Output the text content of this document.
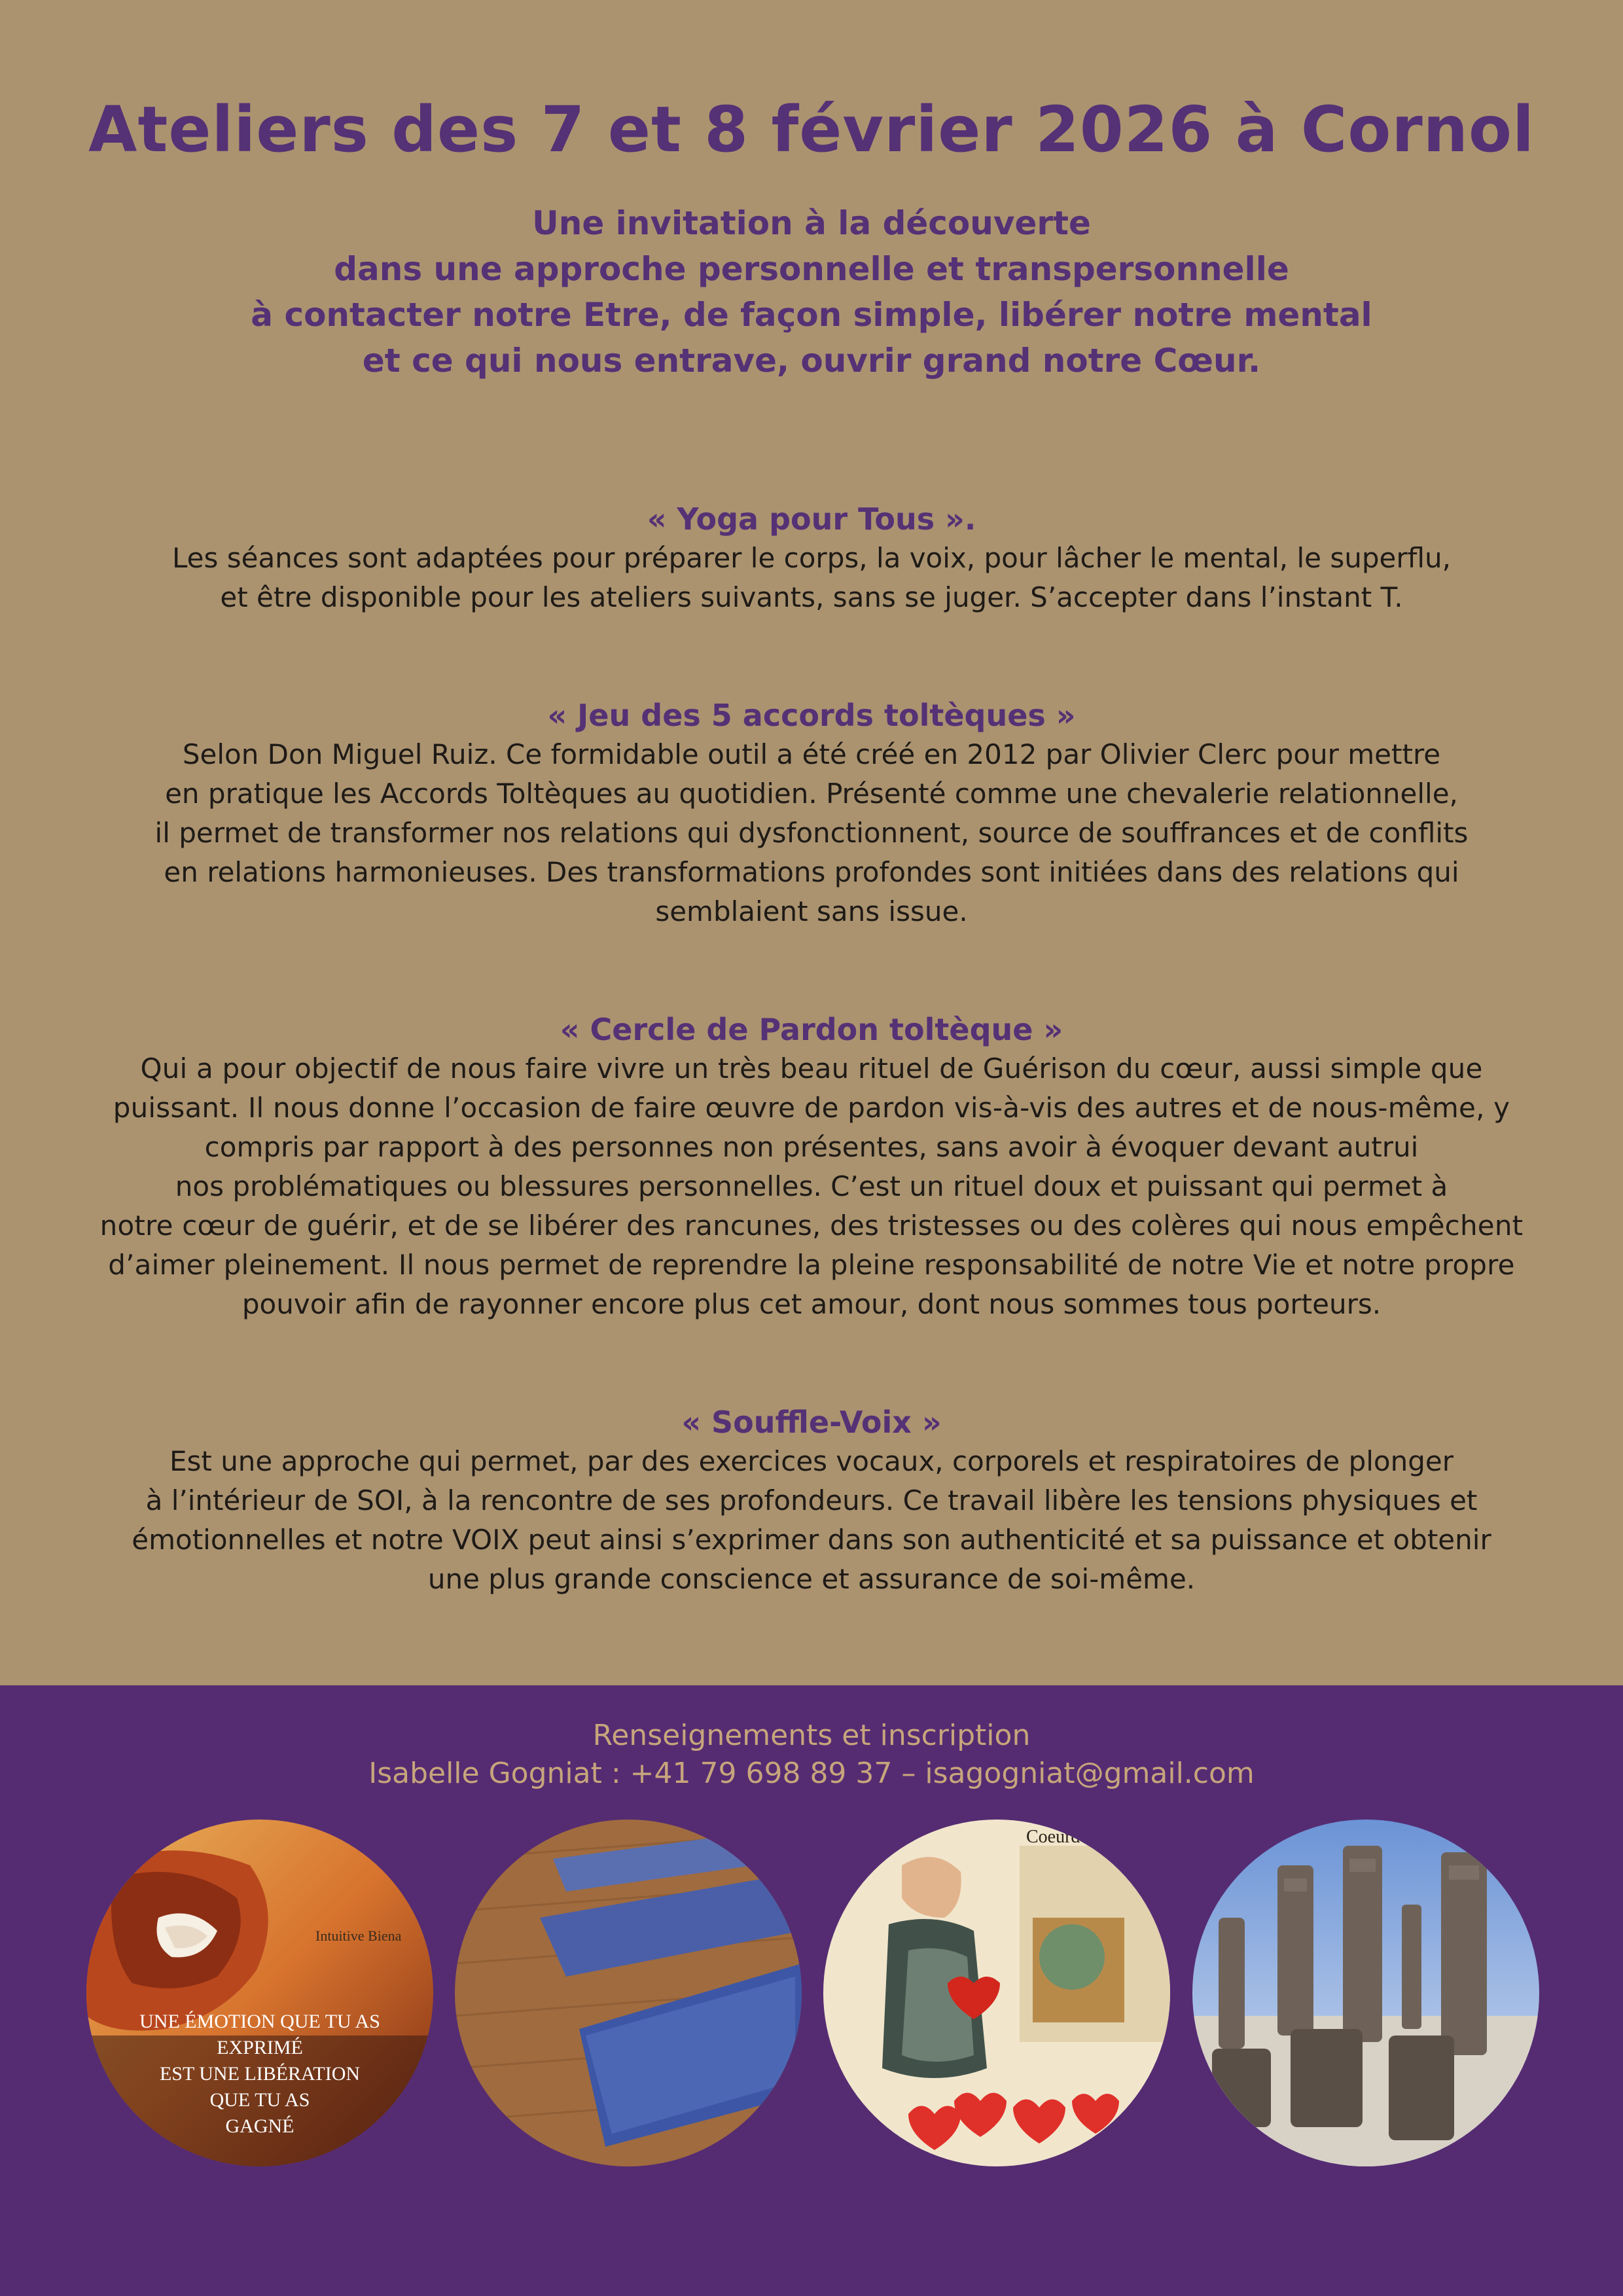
Ateliers des 7 et 8 février 2026 à Cornol
Une invitation à la découverte
dans une approche personnelle et transpersonnelle
à contacter notre Etre, de façon simple, libérer notre mental
et ce qui nous entrave, ouvrir grand notre Cœur.
« Yoga pour Tous ».
Les séances sont adaptées pour préparer le corps, la voix, pour lâcher le mental, le superflu,
et être disponible pour les ateliers suivants, sans se juger. S’accepter dans l’instant T.
« Jeu des 5 accords toltèques »
Selon Don Miguel Ruiz. Ce formidable outil a été créé en 2012 par Olivier Clerc pour mettre
en pratique les Accords Toltèques au quotidien. Présenté comme une chevalerie relationnelle,
il permet de transformer nos relations qui dysfonctionnent, source de souffrances et de conflits
en relations harmonieuses. Des transformations profondes sont initiées dans des relations qui
semblaient sans issue.
« Cercle de Pardon toltèque »
Qui a pour objectif de nous faire vivre un très beau rituel de Guérison du cœur, aussi simple que
puissant. Il nous donne l’occasion de faire œuvre de pardon vis-à-vis des autres et de nous-même, y
compris par rapport à des personnes non présentes, sans avoir à évoquer devant autrui
nos problématiques ou blessures personnelles. C’est un rituel doux et puissant qui permet à
notre cœur de guérir, et de se libérer des rancunes, des tristesses ou des colères qui nous empêchent
d’aimer pleinement. Il nous permet de reprendre la pleine responsabilité de notre Vie et notre propre
pouvoir afin de rayonner encore plus cet amour, dont nous sommes tous porteurs.
« Souffle-Voix »
Est une approche qui permet, par des exercices vocaux, corporels et respiratoires de plonger
à l’intérieur de SOI, à la rencontre de ses profondeurs. Ce travail libère les tensions physiques et
émotionnelles et notre VOIX peut ainsi s’exprimer dans son authenticité et sa puissance et obtenir
une plus grande conscience et assurance de soi-même.
Renseignements et inscription
Isabelle Gogniat : +41 79 698 89 37 – isagogniat@gmail.com
Intuitive Biena
UNE ÉMOTION QUE TU AS
EXPRIMÉ
EST UNE LIBÉRATION
QUE TU AS
GAGNÉ
Coeurdon
